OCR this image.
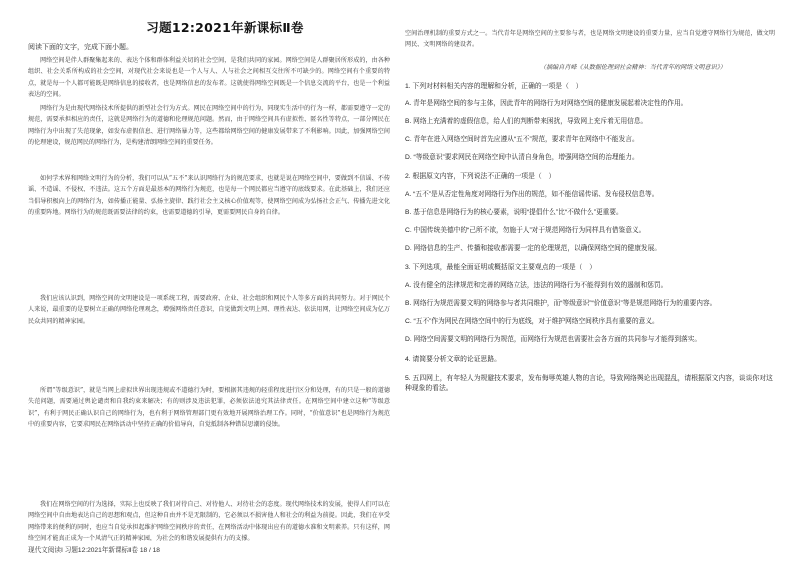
习题12:2021年新课标Ⅱ卷
阅读下面的文字，完成下面小题。
网络空间是伴人群聚集起来的、表达个体和群体利益关切的社会空间，是我们共同的家园。网络空间是人群聚居所形成的，由各种组织、社会关系所构成的社会空间，对现代社会来说也是一个人与人、人与社会之间相互交往所不可缺少的。网络空间有个重要的特点，就是每一个人都可能既是网络信息的接收者，也是网络信息的发布者。这就使得网络空间既是一个信息交流的平台，也是一个利益表达的空间。
网络行为是由现代网络技术所提供的新型社会行为方式。网民在网络空间中的行为，同现实生活中的行为一样，都需要遵守一定的规范，需要承担相应的责任，这就是网络行为的道德和伦理规范问题。然而，由于网络空间具有虚拟性、匿名性等特点，一部分网民在网络行为中出现了失范现象，如发布虚假信息、进行网络暴力等，这些都给网络空间的健康发展带来了不利影响。因此，加强网络空间的伦理建设，规范网民的网络行为，是构建清朗网络空间的重要任务。
如何学术界和网络文明行为的分析，我们可以从“五不”来认识网络行为的规范要求，也就是说在网络空间中，要做到不信谣、不传谣、不造谣、不侵权、不违法。这五个方面是最基本的网络行为规范，也是每一个网民都应当遵守的底线要求。在此基础上，我们还应当倡导积极向上的网络行为，如传播正能量、弘扬主旋律、践行社会主义核心价值观等，使网络空间成为弘扬社会正气、传播先进文化的重要阵地。网络行为的规范既需要法律的约束，也需要道德的引导，更需要网民自身的自律。
我们应该认识到，网络空间的文明建设是一项系统工程，需要政府、企业、社会组织和网民个人等多方面的共同努力。对于网民个人来说，最重要的是要树立正确的网络伦理观念，增强网络责任意识，自觉做到文明上网、理性表达、依法用网，让网络空间成为亿万民众共同的精神家园。
所谓“等级意识”，就是当网上虚拟世界出现违规或不道德行为时，要根据其违规的轻重程度进行区分和处理，有的只是一般的道德失范问题，需要通过舆论谴责和自我约束来解决；有的则涉及违法犯罪，必须依法追究其法律责任。在网络空间中建立这种“等级意识”，有利于网民正确认识自己的网络行为，也有利于网络管理部门更有效地开展网络治理工作。同时，“价值意识”也是网络行为规范中的重要内容，它要求网民在网络活动中坚持正确的价值导向，自觉抵制各种错误思潮的侵蚀。
我们在网络空间的行为选择，实际上也反映了我们对待自己、对待他人、对待社会的态度。现代网络技术的发展，使得人们可以在网络空间中自由地表达自己的思想和观点，但这种自由并不是无限制的，它必须以不损害他人和社会的利益为前提。因此，我们在享受网络带来的便利的同时，也应当自觉承担起维护网络空间秩序的责任，在网络活动中体现出应有的道德水准和文明素养。只有这样，网络空间才能真正成为一个风清气正的精神家园，为社会的和谐发展提供有力的支撑。
空间治理机制的重要方式之一。当代青年是网络空间的主要参与者，也是网络文明建设的重要力量，应当自觉遵守网络行为规范，做文明网民、文明网络的建设者。
（摘编自肖峰《从数据伦理到社会精神：当代青年的网络文明意识》）
1. 下列对材料相关内容的理解和分析，正确的一项是（　）
A. 青年是网络空间的参与主体，因此青年的网络行为对网络空间的健康发展起着决定性的作用。
B. 网络上充满着的虚假信息，给人们的判断带来困扰，导致网上充斥着无用信息。
C. 青年在进入网络空间时首先应遵从“五不”规范，要求青年在网络中不能发言。
D. “等级意识”要求网民在网络空间中认清自身角色，增强网络空间的治理能力。
2. 根据原文内容，下列说法不正确的一项是（　）
A. “五不”是从否定性角度对网络行为作出的规范，如不能信谣传谣、发布侵权信息等。
B. 基于信息是网络行为的核心要素，说明“提倡什么”比“不做什么”更重要。
C. 中国传统美德中的“己所不欲，勿施于人”对于规范网络行为同样具有借鉴意义。
D. 网络信息的生产、传播和接收都需要一定的伦理规范，以确保网络空间的健康发展。
3. 下列选项，最能全面证明或概括原文主要观点的一项是（　）
A. 没有健全的法律规范和完善的网络立法，违法的网络行为不能得到有效的遏制和惩罚。
B. 网络行为规范需要文明的网络参与者共同维护，而“等级意识”“价值意识”等是规范网络行为的重要内容。
C. “五不”作为网民在网络空间中的行为底线，对于维护网络空间秩序具有重要的意义。
D. 网络空间需要文明的网络行为规范，而网络行为规范也需要社会各方面的共同参与才能得到落实。
4. 请简要分析文章的论证思路。
5. 五四网上，有年轻人为规避技术要求，发布侮辱英雄人物的言论，导致网络舆论出现混乱，请根据原文内容，谈谈你对这种现象的看法。
现代文阅读Ⅰ 习题12:2021年新课标Ⅱ卷 18 / 18
